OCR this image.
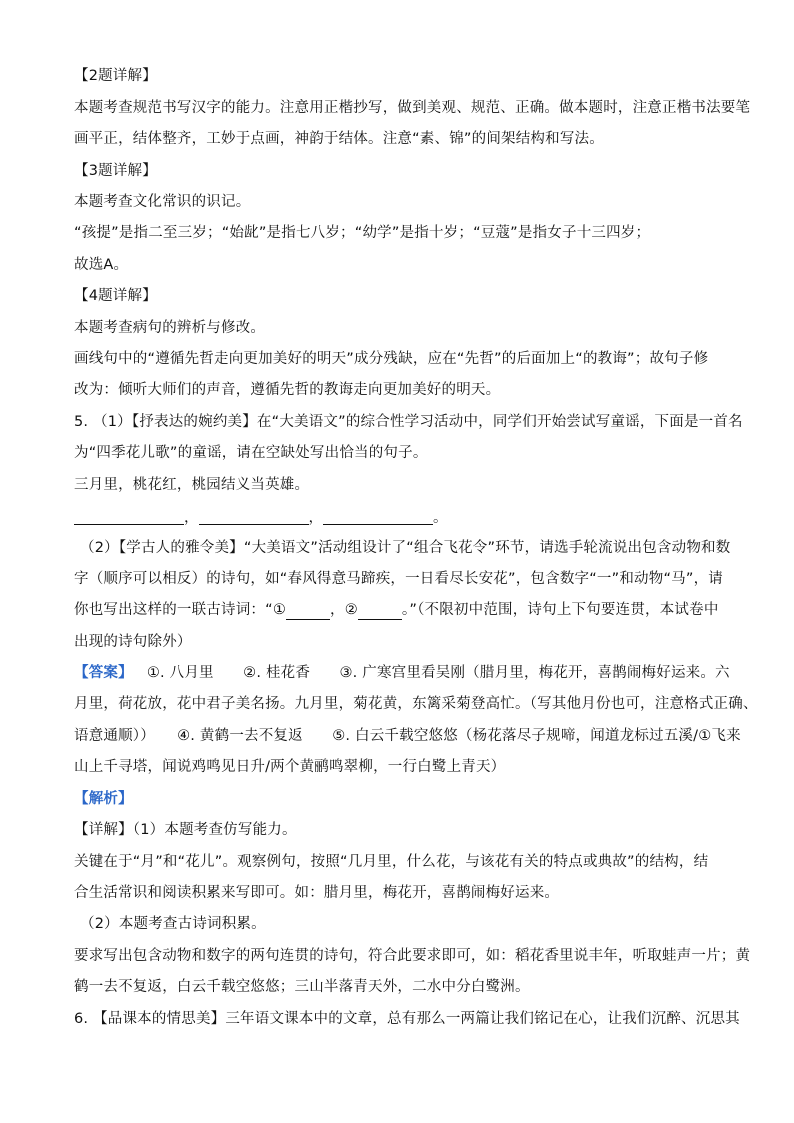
【2题详解】

本题考查规范书写汉字的能力。注意用正楷抄写，做到美观、规范、正确。做本题时，注意正楷书法要笔

画平正，结体整齐，工妙于点画，神韵于结体。注意“素、锦”的间架结构和写法。

【3题详解】

本题考查文化常识的识记。

“孩提”是指二至三岁；“始龀”是指七八岁；“幼学”是指十岁；“豆蔻”是指女子十三四岁；

故选A。

【4题详解】

本题考查病句的辨析与修改。

画线句中的“遵循先哲走向更加美好的明天”成分残缺，应在“先哲”的后面加上“的教诲”；故句子修

改为：倾听大师们的声音，遵循先哲的教诲走向更加美好的明天。

5. （1）【抒表达的婉约美】在“大美语文”的综合性学习活动中，同学们开始尝试写童谣，下面是一首名

为“四季花儿歌”的童谣，请在空缺处写出恰当的句子。

三月里，桃花红，桃园结义当英雄。

，	，	。

（2）【学古人的雅令美】“大美语文”活动组设计了“组合飞花令”环节，请选手轮流说出包含动物和数

字（顺序可以相反）的诗句，如“春风得意马蹄疾，一日看尽长安花”，包含数字“一”和动物“马”，请

你也写出这样的一联古诗词：“①	，②	。”（不限初中范围，诗句上下句要连贯，本试卷中

出现的诗句除外）

【答案】 ①. 八月里　　②. 桂花香　　③. 广寒宫里看吴刚（腊月里，梅花开，喜鹊闹梅好运来。六

月里，荷花放，花中君子美名扬。九月里，菊花黄，东篱采菊登高忙。（写其他月份也可，注意格式正确、

语意通顺））　　④. 黄鹤一去不复返　　⑤. 白云千载空悠悠（杨花落尽子规啼，闻道龙标过五溪/①飞来

山上千寻塔，闻说鸡鸣见日升/两个黄鹂鸣翠柳，一行白鹭上青天）

【解析】

【详解】（1）本题考查仿写能力。

关键在于“月”和“花儿”。观察例句，按照“几月里，什么花，与该花有关的特点或典故”的结构，结

合生活常识和阅读积累来写即可。如：腊月里，梅花开，喜鹊闹梅好运来。

（2）本题考查古诗词积累。

要求写出包含动物和数字的两句连贯的诗句，符合此要求即可，如：稻花香里说丰年，听取蛙声一片；黄

鹤一去不复返，白云千载空悠悠；三山半落青天外，二水中分白鹭洲。

6. 【品课本的情思美】三年语文课本中的文章，总有那么一两篇让我们铭记在心，让我们沉醉、沉思其
